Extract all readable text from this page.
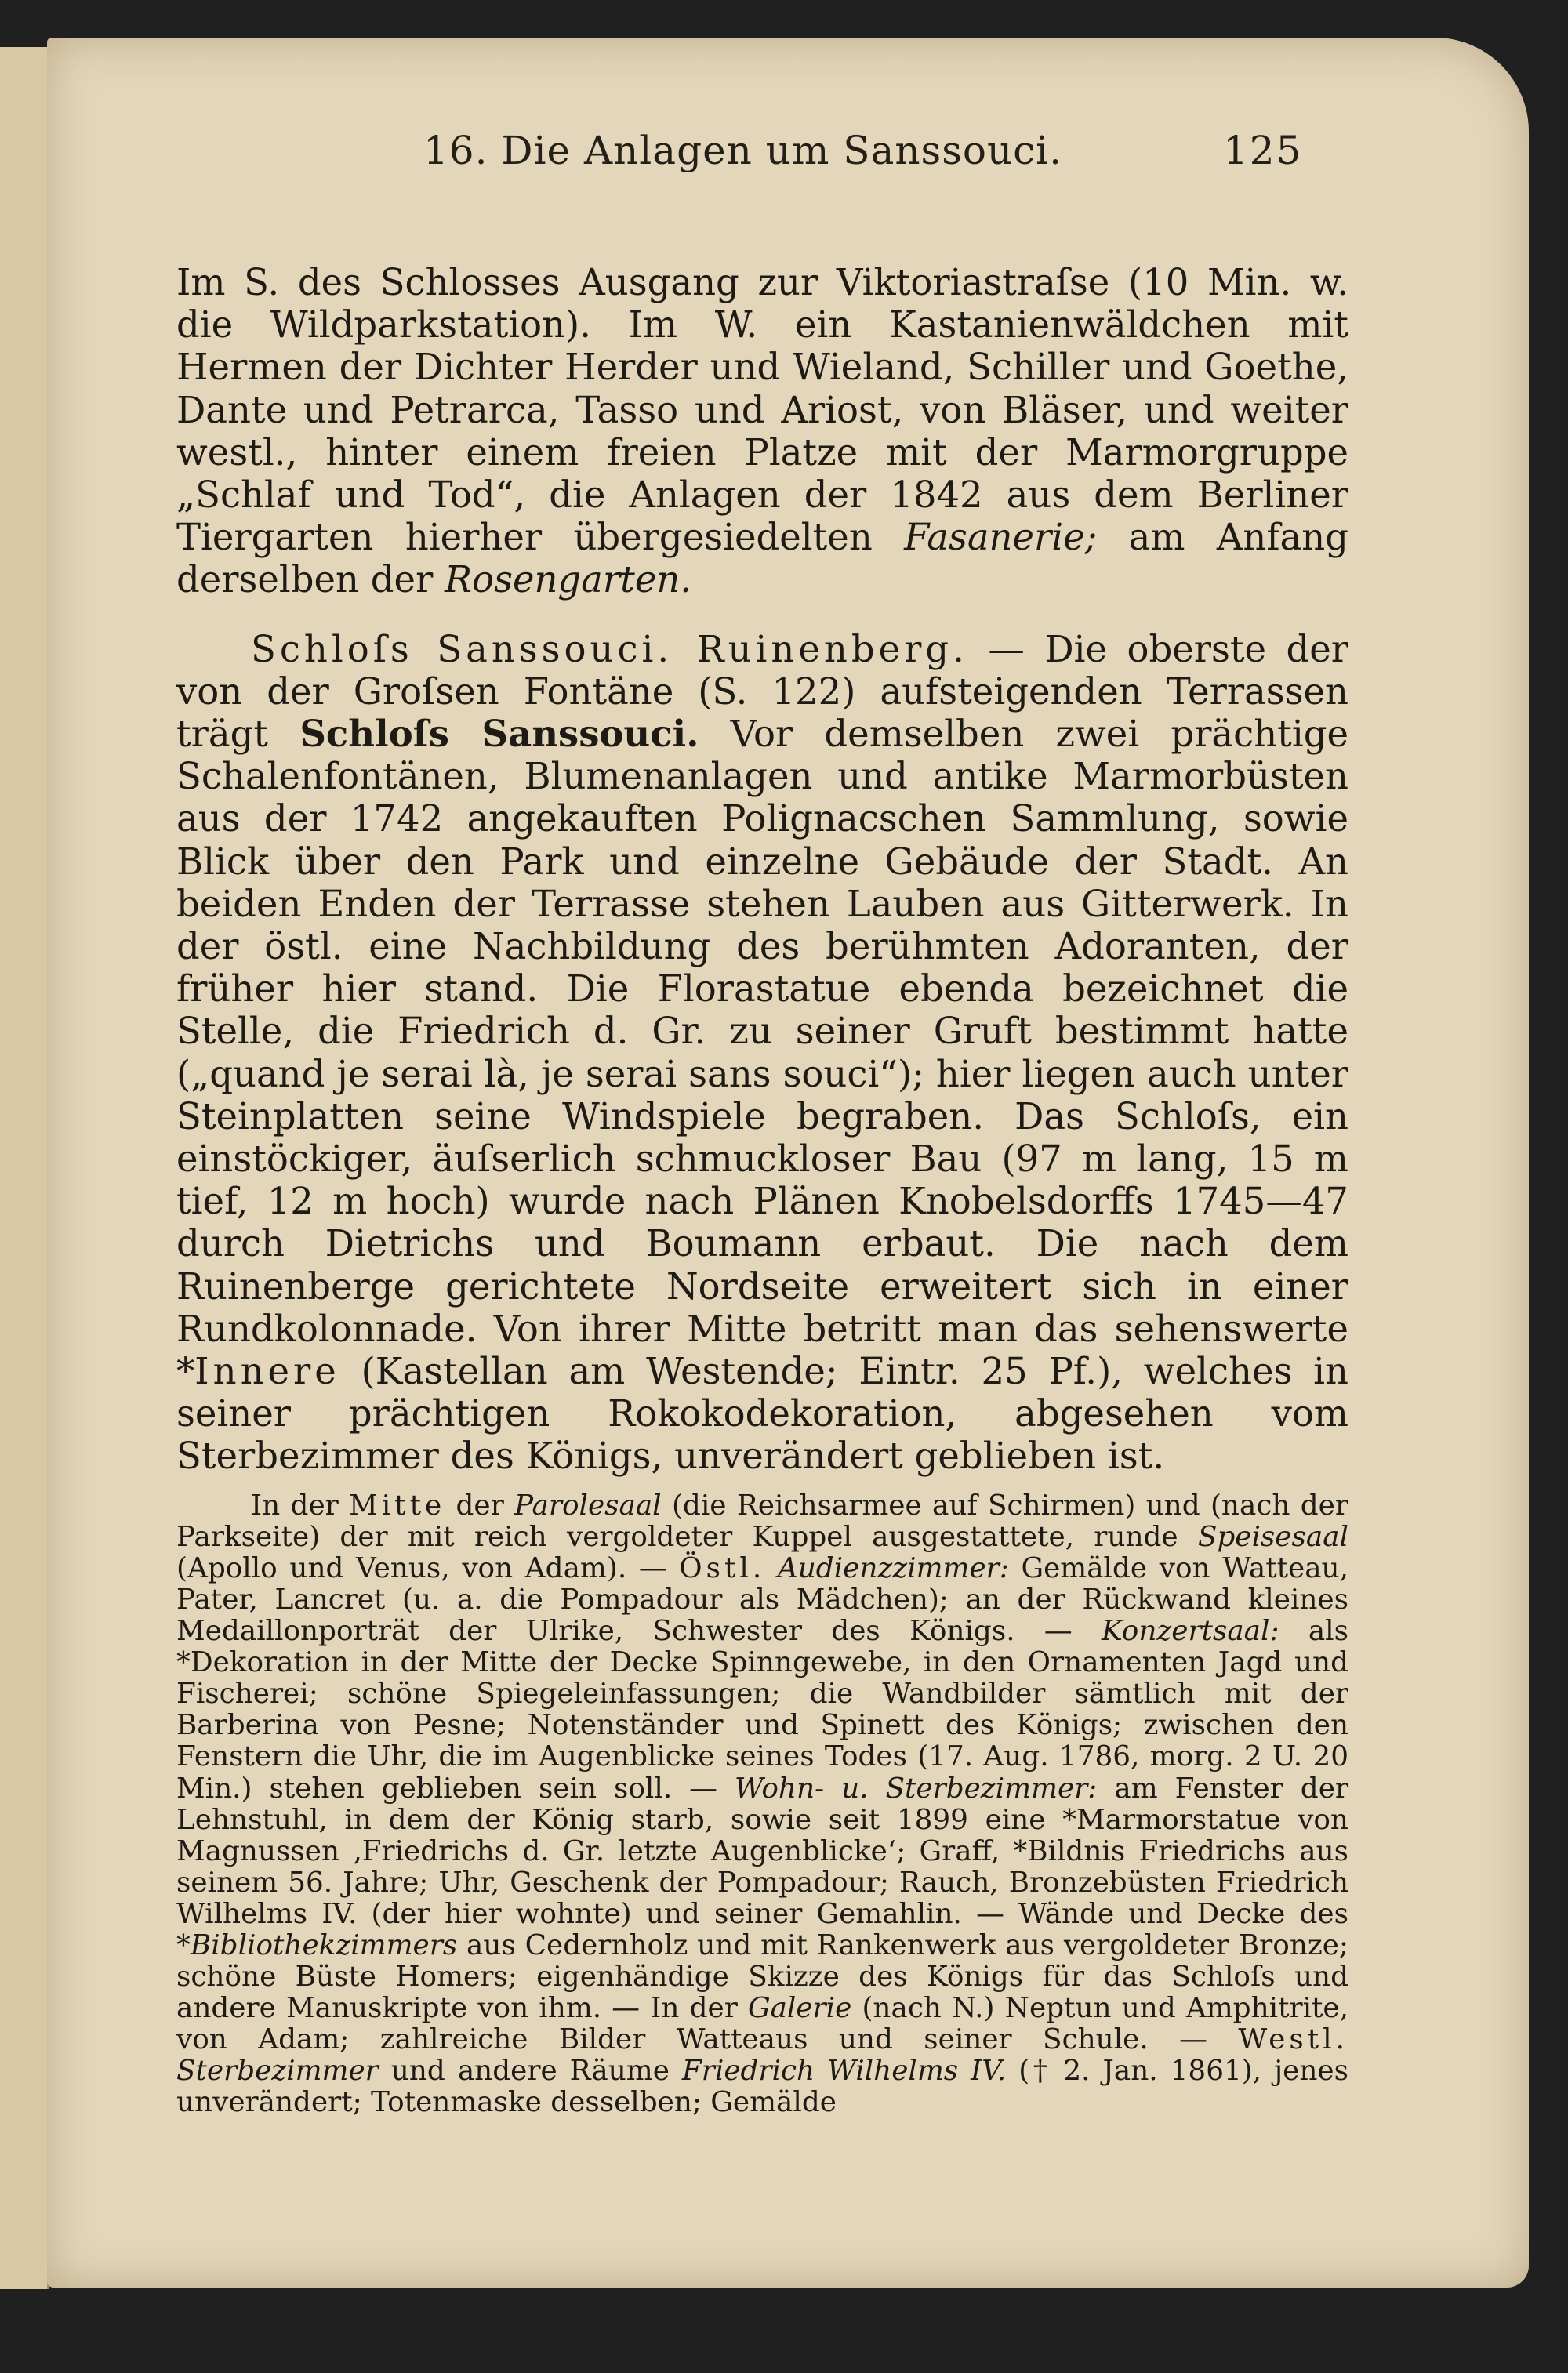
16. Die Anlagen um Sanssouci.	125

Im S. des Schlosses Ausgang zur Viktoriastraſse (10 Min. w. die Wildparkstation). Im W. ein Kastanienwäldchen mit Hermen der Dichter Herder und Wieland, Schiller und Goethe, Dante und Petrarca, Tasso und Ariost, von Bläser, und weiter westl., hinter einem freien Platze mit der Marmorgruppe „Schlaf und Tod“, die Anlagen der 1842 aus dem Berliner Tiergarten hierher übergesiedelten Fasanerie; am Anfang derselben der Rosengarten.

Schloſs Sanssouci. Ruinenberg. — Die oberste der von der Groſsen Fontäne (S. 122) aufsteigenden Terrassen trägt Schloſs Sanssouci. Vor demselben zwei prächtige Schalenfontänen, Blumenanlagen und antike Marmorbüsten aus der 1742 angekauften Polignacschen Sammlung, sowie Blick über den Park und einzelne Gebäude der Stadt. An beiden Enden der Terrasse stehen Lauben aus Gitterwerk. In der östl. eine Nachbildung des berühmten Adoranten, der früher hier stand. Die Florastatue ebenda bezeichnet die Stelle, die Friedrich d. Gr. zu seiner Gruft bestimmt hatte („quand je serai là, je serai sans souci“); hier liegen auch unter Steinplatten seine Windspiele begraben. Das Schloſs, ein einstöckiger, äuſserlich schmuckloser Bau (97 m lang, 15 m tief, 12 m hoch) wurde nach Plänen Knobelsdorffs 1745—47 durch Dietrichs und Boumann erbaut. Die nach dem Ruinenberge gerichtete Nordseite erweitert sich in einer Rundkolonnade. Von ihrer Mitte betritt man das sehenswerte *Innere (Kastellan am Westende; Eintr. 25 Pf.), welches in seiner prächtigen Rokokodekoration, abgesehen vom Sterbezimmer des Königs, unverändert geblieben ist.

In der Mitte der Parolesaal (die Reichsarmee auf Schirmen) und (nach der Parkseite) der mit reich vergoldeter Kuppel ausgestattete, runde Speisesaal (Apollo und Venus, von Adam). — Östl. Audienzzimmer: Gemälde von Watteau, Pater, Lancret (u. a. die Pompadour als Mädchen); an der Rückwand kleines Medaillonporträt der Ulrike, Schwester des Königs. — Konzertsaal: als *Dekoration in der Mitte der Decke Spinngewebe, in den Ornamenten Jagd und Fischerei; schöne Spiegeleinfassungen; die Wandbilder sämtlich mit der Barberina von Pesne; Notenständer und Spinett des Königs; zwischen den Fenstern die Uhr, die im Augenblicke seines Todes (17. Aug. 1786, morg. 2 U. 20 Min.) stehen geblieben sein soll. — Wohn- u. Sterbezimmer: am Fenster der Lehnstuhl, in dem der König starb, sowie seit 1899 eine *Marmorstatue von Magnussen ‚Friedrichs d. Gr. letzte Augenblicke‘; Graff, *Bildnis Friedrichs aus seinem 56. Jahre; Uhr, Geschenk der Pompadour; Rauch, Bronzebüsten Friedrich Wilhelms IV. (der hier wohnte) und seiner Gemahlin. — Wände und Decke des *Bibliothekzimmers aus Cedernholz und mit Rankenwerk aus vergoldeter Bronze; schöne Büste Homers; eigenhändige Skizze des Königs für das Schloſs und andere Manuskripte von ihm. — In der Galerie (nach N.) Neptun und Amphitrite, von Adam; zahlreiche Bilder Watteaus und seiner Schule. — Westl. Sterbezimmer und andere Räume Friedrich Wilhelms IV. († 2. Jan. 1861), jenes unverändert; Totenmaske desselben; Gemälde
